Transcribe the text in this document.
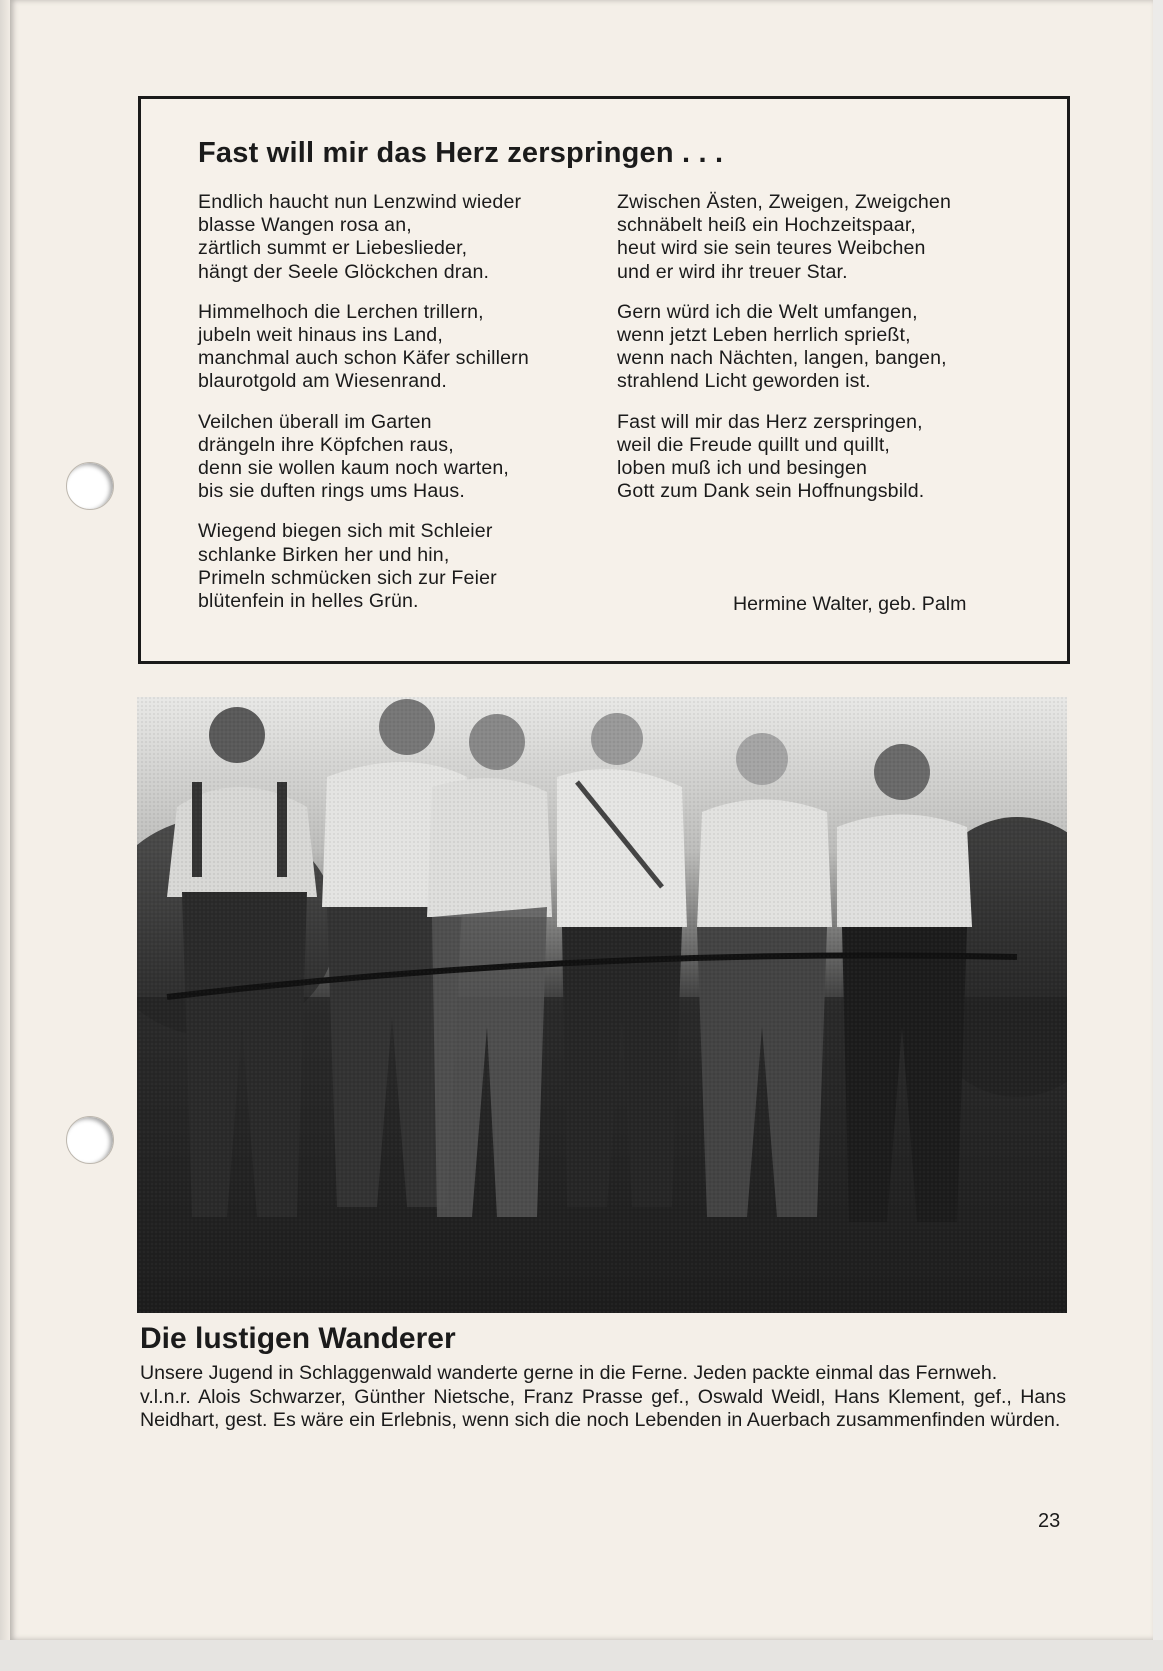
Fast will mir das Herz zerspringen . . .

Endlich haucht nun Lenzwind wieder
blasse Wangen rosa an,
zärtlich summt er Liebeslieder,
hängt der Seele Glöckchen dran.

Himmelhoch die Lerchen trillern,
jubeln weit hinaus ins Land,
manchmal auch schon Käfer schillern
blaurotgold am Wiesenrand.

Veilchen überall im Garten
drängeln ihre Köpfchen raus,
denn sie wollen kaum noch warten,
bis sie duften rings ums Haus.

Wiegend biegen sich mit Schleier
schlanke Birken her und hin,
Primeln schmücken sich zur Feier
blütenfein in helles Grün.

Zwischen Ästen, Zweigen, Zweigchen
schnäbelt heiß ein Hochzeitspaar,
heut wird sie sein teures Weibchen
und er wird ihr treuer Star.

Gern würd ich die Welt umfangen,
wenn jetzt Leben herrlich sprießt,
wenn nach Nächten, langen, bangen,
strahlend Licht geworden ist.

Fast will mir das Herz zerspringen,
weil die Freude quillt und quillt,
loben muß ich und besingen
Gott zum Dank sein Hoffnungsbild.

Hermine Walter, geb. Palm
Die lustigen Wanderer

Unsere Jugend in Schlaggenwald wanderte gerne in die Ferne. Jeden packte einmal das Fernweh.
v.l.n.r. Alois Schwarzer, Günther Nietsche, Franz Prasse gef., Oswald Weidl, Hans Klement, gef., Hans Neidhart, gest. Es wäre ein Erlebnis, wenn sich die noch Lebenden in Auerbach zusammenfinden würden.

23
